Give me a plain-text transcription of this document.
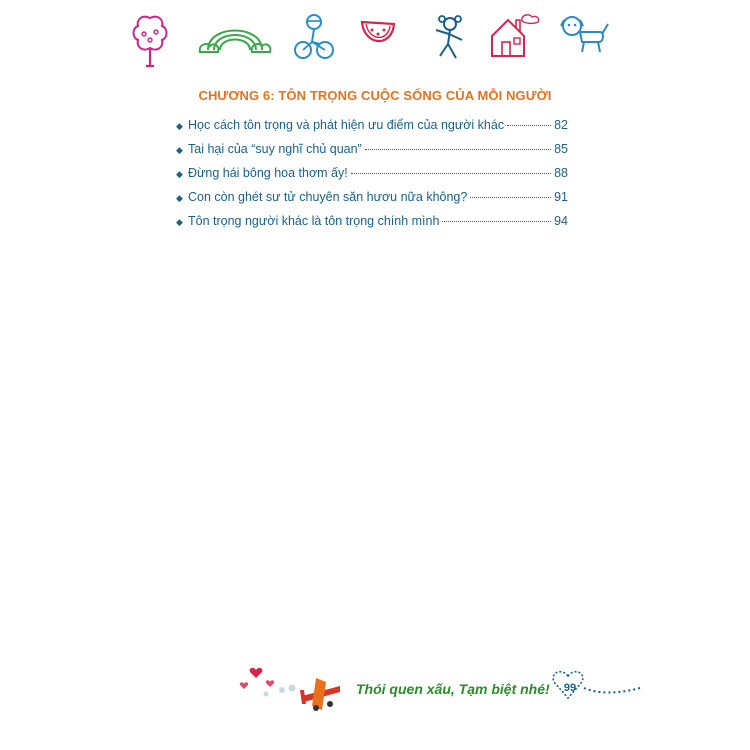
CHƯƠNG 6: TÔN TRỌNG CUỘC SỐNG CỦA MỖI NGƯỜI
◆ Học cách tôn trọng và phát hiện ưu điểm của người khác	82
◆ Tai hại của “suy nghĩ chủ quan”	85
◆ Đừng hái bông hoa thơm ấy!	88
◆ Con còn ghét sư tử chuyên săn hươu nữa không?	91
◆ Tôn trọng người khác là tôn trọng chính mình	94
Thói quen xấu, Tạm biệt nhé!	99
